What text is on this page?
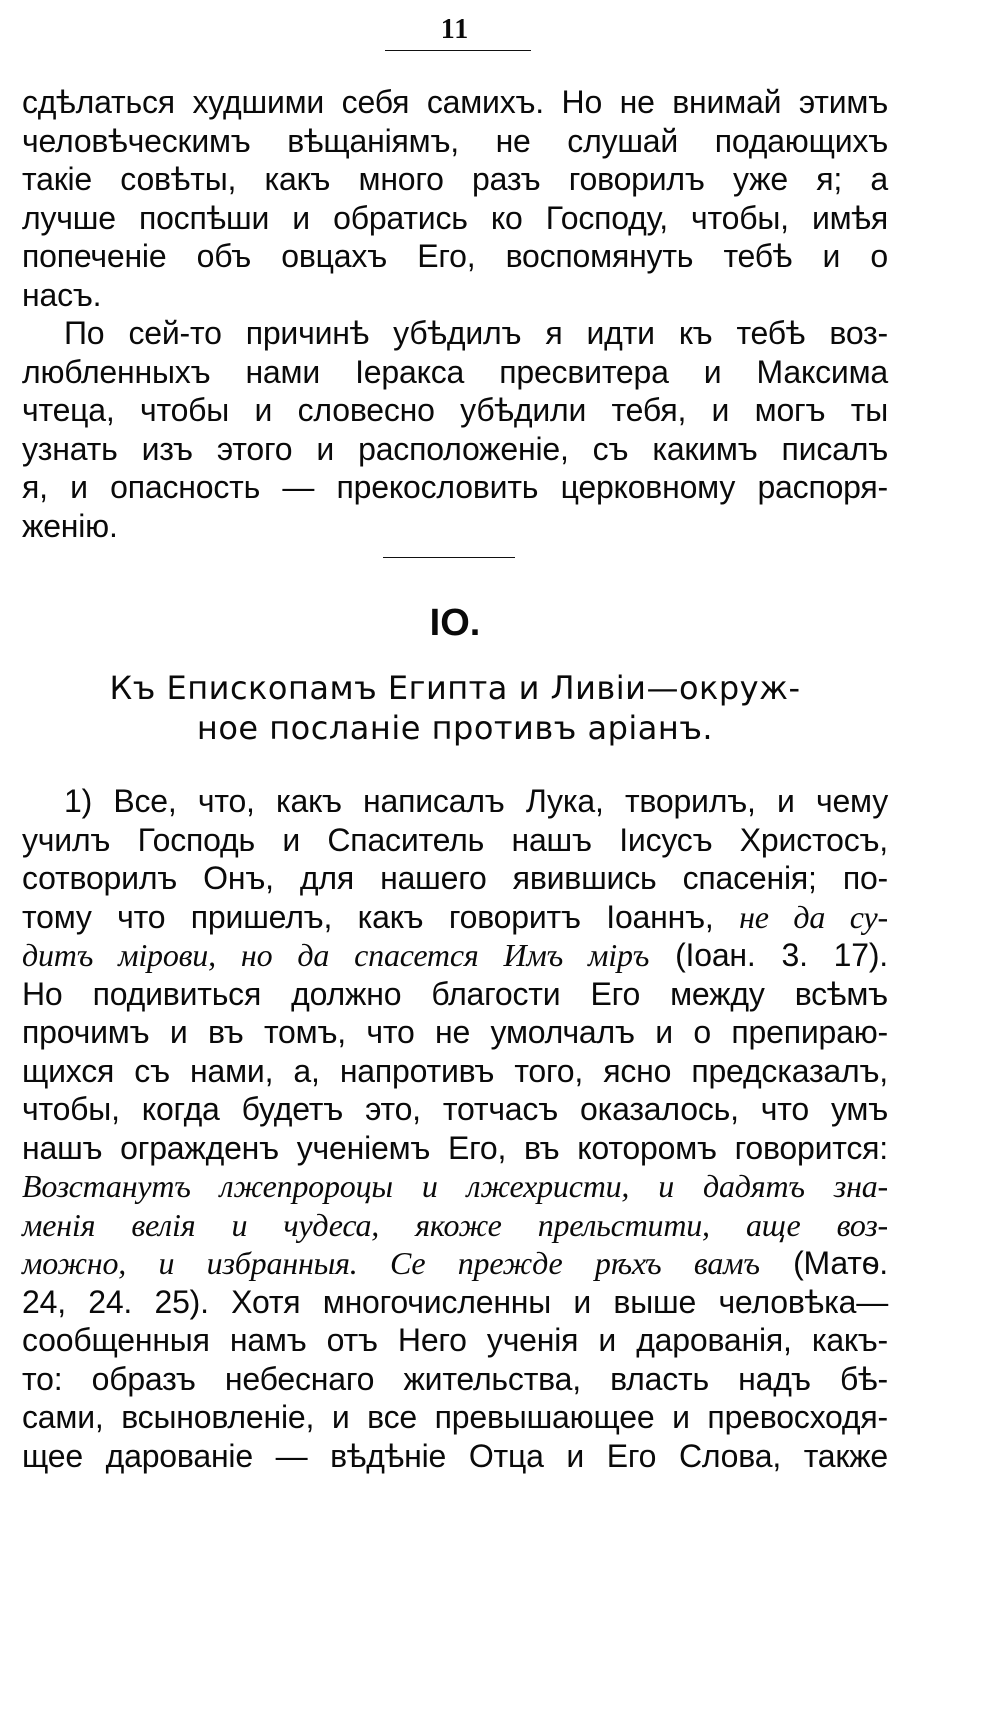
11
сдѣлаться худшими себя самихъ. Но не внимай этимъ
человѣческимъ вѣщаніямъ, не слушай подающихъ
такіе совѣты, какъ много разъ говорилъ уже я; а
лучше поспѣши и обратись ко Господу, чтобы, имѣя
попеченіе объ овцахъ Его, воспомянуть тебѣ и о
насъ.
По сей-то причинѣ убѣдилъ я идти къ тебѣ воз-
любленныхъ нами Іеракса пресвитера и Максима
чтеца, чтобы и словесно убѣдили тебя, и могъ ты
узнать изъ этого и расположеніе, съ какимъ писалъ
я, и опасность — прекословить церковному распоря-
женію.
IO.
Къ Епископамъ Египта и Ливіи—окруж-
ное посланіе противъ аріанъ.
1) Все, что, какъ написалъ Лука, творилъ, и чему
училъ Господь и Спаситель нашъ Іисусъ Христосъ,
сотворилъ Онъ, для нашего явившись спасенія; по-
тому что пришелъ, какъ говоритъ Іоаннъ, не да су-
дитъ мірови, но да спасется Имъ міръ (Іоан. 3. 17).
Но подивиться должно благости Его между всѣмъ
прочимъ и въ томъ, что не умолчалъ и о препираю-
щихся съ нами, а, напротивъ того, ясно предсказалъ,
чтобы, когда будетъ это, тотчасъ оказалось, что умъ
нашъ огражденъ ученіемъ Его, въ которомъ говорится:
Возстанутъ лжепророцы и лжехристи, и дадятъ зна-
менія велія и чудеса, якоже прельстити, аще воз-
можно, и избранныя. Се прежде рѣхъ вамъ (Матѳ.
24, 24. 25). Хотя многочисленны и выше человѣка—
сообщенныя намъ отъ Него ученія и дарованія, какъ-
то: образъ небеснаго жительства, власть надъ бѣ-
сами, всыновленіе, и все превышающее и превосходя-
щее дарованіе — вѣдѣніе Отца и Его Слова, также
